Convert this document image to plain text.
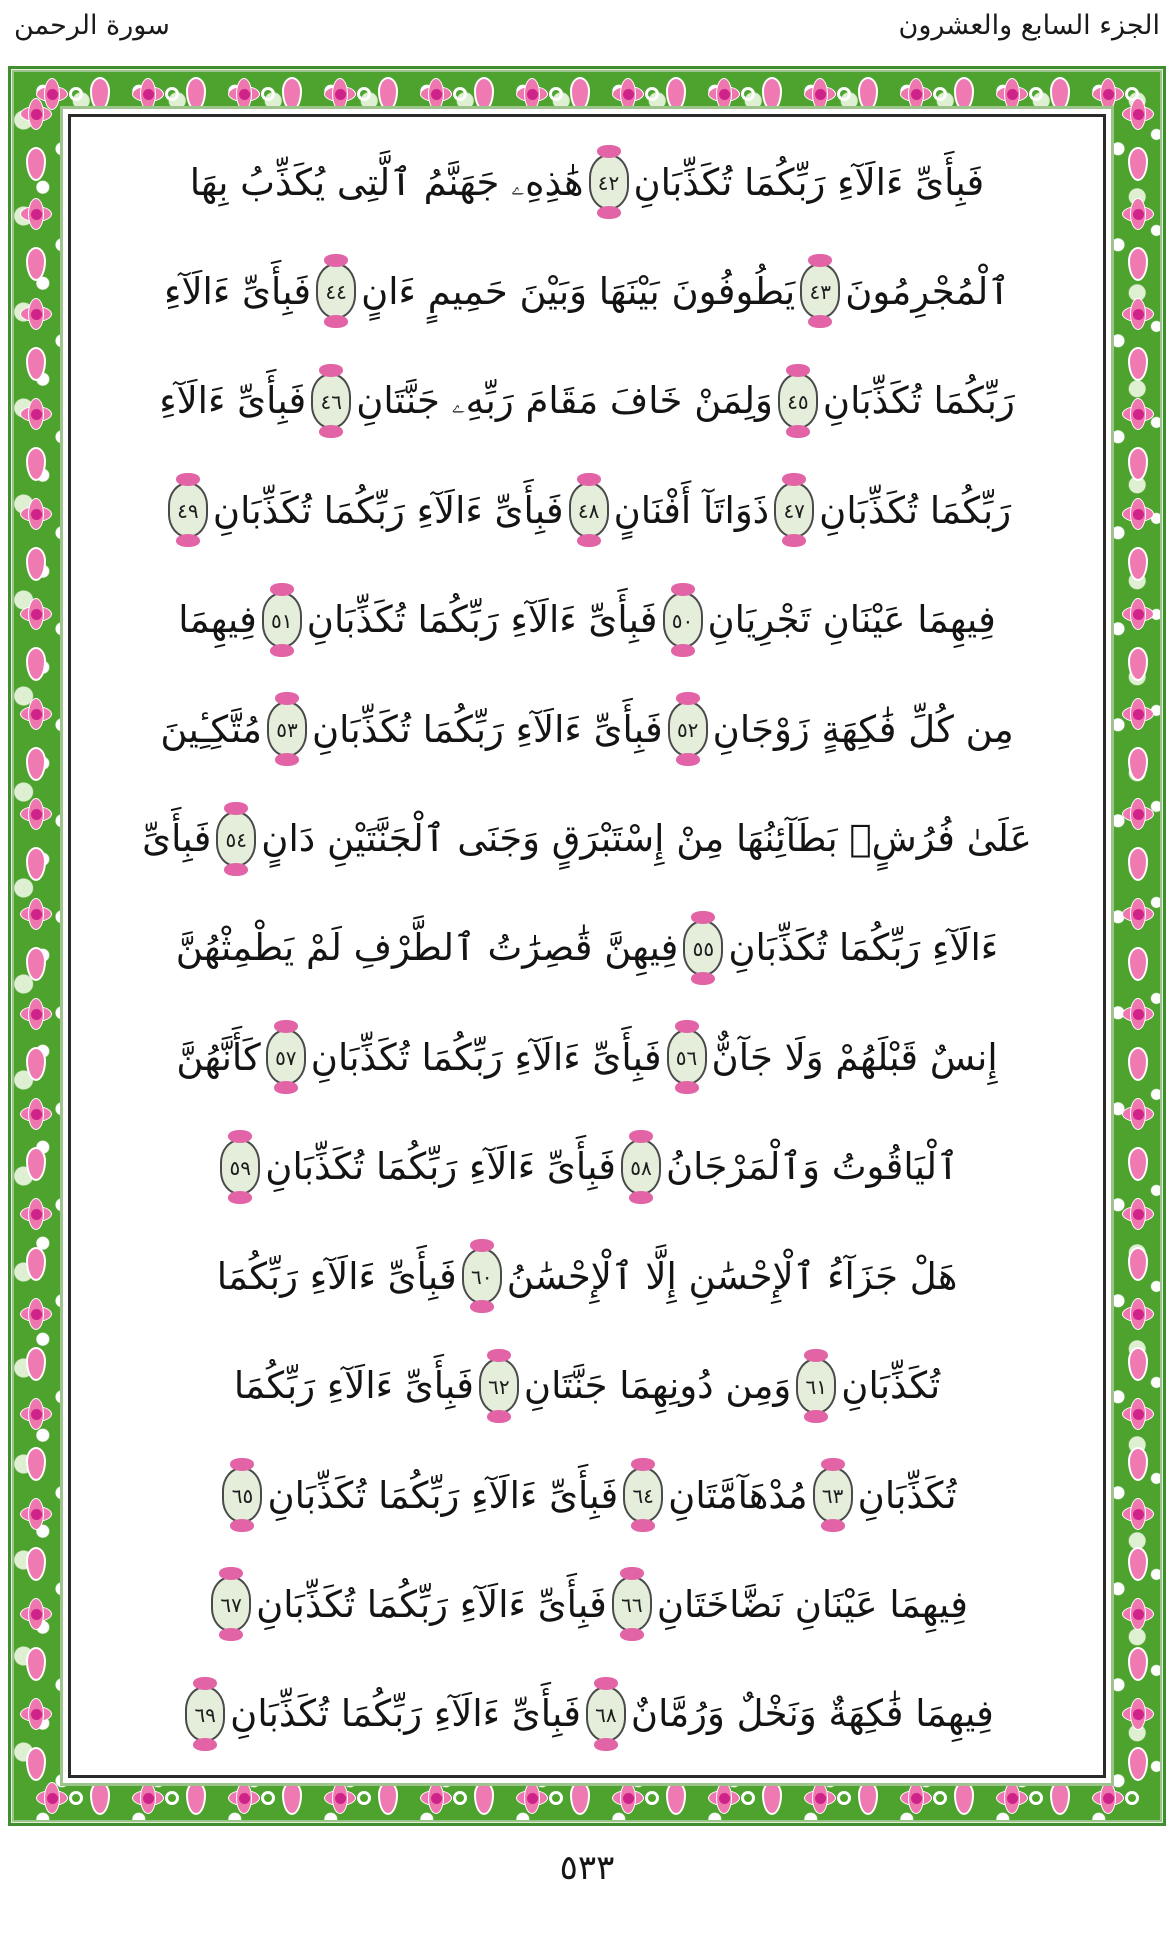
الجزء السابع والعشرون
سورة الرحمن
فَبِأَىِّ ءَالَآءِ رَبِّكُمَا تُكَذِّبَانِ
٤٢
هَٰذِهِۦ جَهَنَّمُ ٱلَّتِى يُكَذِّبُ بِهَا
ٱلْمُجْرِمُونَ
٤٣
يَطُوفُونَ بَيْنَهَا وَبَيْنَ حَمِيمٍ ءَانٍ
٤٤
فَبِأَىِّ ءَالَآءِ
رَبِّكُمَا تُكَذِّبَانِ
٤٥
وَلِمَنْ خَافَ مَقَامَ رَبِّهِۦ جَنَّتَانِ
٤٦
فَبِأَىِّ ءَالَآءِ
رَبِّكُمَا تُكَذِّبَانِ
٤٧
ذَوَاتَآ أَفْنَانٍ
٤٨
فَبِأَىِّ ءَالَآءِ رَبِّكُمَا تُكَذِّبَانِ
٤٩
فِيهِمَا عَيْنَانِ تَجْرِيَانِ
٥٠
فَبِأَىِّ ءَالَآءِ رَبِّكُمَا تُكَذِّبَانِ
٥١
فِيهِمَا
مِن كُلِّ فَٰكِهَةٍ زَوْجَانِ
٥٢
فَبِأَىِّ ءَالَآءِ رَبِّكُمَا تُكَذِّبَانِ
٥٣
مُتَّكِـِٔينَ
عَلَىٰ فُرُشٍۭ بَطَآئِنُهَا مِنْ إِسْتَبْرَقٍ وَجَنَى ٱلْجَنَّتَيْنِ دَانٍ
٥٤
فَبِأَىِّ
ءَالَآءِ رَبِّكُمَا تُكَذِّبَانِ
٥٥
فِيهِنَّ قَٰصِرَٰتُ ٱلطَّرْفِ لَمْ يَطْمِثْهُنَّ
إِنسٌ قَبْلَهُمْ وَلَا جَآنٌّ
٥٦
فَبِأَىِّ ءَالَآءِ رَبِّكُمَا تُكَذِّبَانِ
٥٧
كَأَنَّهُنَّ
ٱلْيَاقُوتُ وَٱلْمَرْجَانُ
٥٨
فَبِأَىِّ ءَالَآءِ رَبِّكُمَا تُكَذِّبَانِ
٥٩
هَلْ جَزَآءُ ٱلْإِحْسَٰنِ إِلَّا ٱلْإِحْسَٰنُ
٦٠
فَبِأَىِّ ءَالَآءِ رَبِّكُمَا
تُكَذِّبَانِ
٦١
وَمِن دُونِهِمَا جَنَّتَانِ
٦٢
فَبِأَىِّ ءَالَآءِ رَبِّكُمَا
تُكَذِّبَانِ
٦٣
مُدْهَآمَّتَانِ
٦٤
فَبِأَىِّ ءَالَآءِ رَبِّكُمَا تُكَذِّبَانِ
٦٥
فِيهِمَا عَيْنَانِ نَضَّاخَتَانِ
٦٦
فَبِأَىِّ ءَالَآءِ رَبِّكُمَا تُكَذِّبَانِ
٦٧
فِيهِمَا فَٰكِهَةٌ وَنَخْلٌ وَرُمَّانٌ
٦٨
فَبِأَىِّ ءَالَآءِ رَبِّكُمَا تُكَذِّبَانِ
٦٩
٥٣٣
